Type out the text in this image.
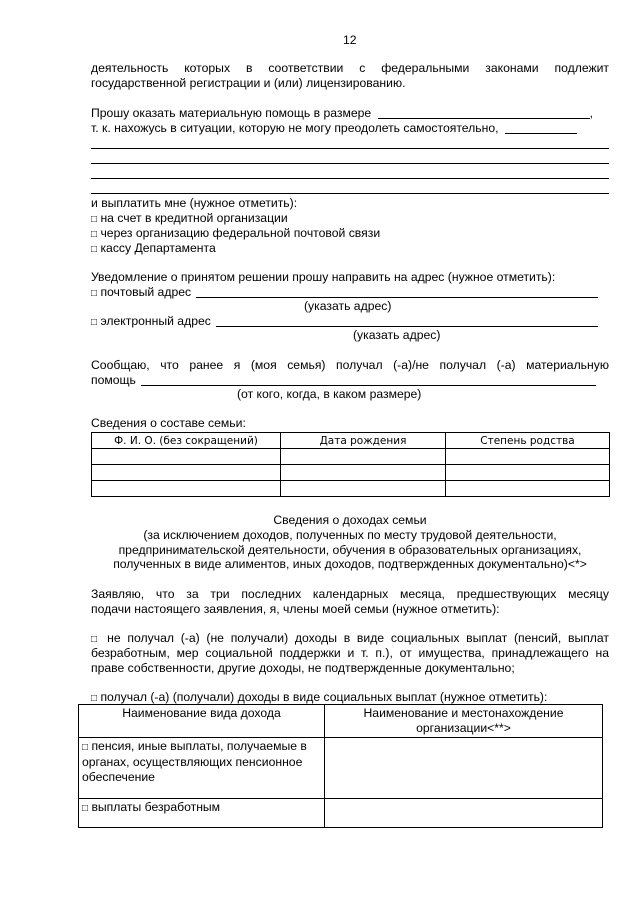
12
деятельность которых в соответствии с федеральными законами подлежит
государственной регистрации и (или) лицензированию.
Прошу оказать материальную помощь в размере	,
т. к. нахожусь в ситуации, которую не могу преодолеть самостоятельно,
и выплатить мне (нужное отметить):
□ на счет в кредитной организации
□ через организацию федеральной почтовой связи
□ кассу Департамента
Уведомление о принятом решении прошу направить на адрес (нужное отметить):
□ почтовый адрес
(указать адрес)
□ электронный адрес
(указать адрес)
Сообщаю, что ранее я (моя семья) получал (-а)/не получал (-а) материальную
помощь
(от кого, когда, в каком размере)
Сведения о составе семьи:
Ф. И. О. (без сокращений)	Дата рождения	Степень родства

Сведения о доходах семьи
(за исключением доходов, полученных по месту трудовой деятельности,
предпринимательской деятельности, обучения в образовательных организациях,
полученных в виде алиментов, иных доходов, подтвержденных документально)<*>
Заявляю, что за три последних календарных месяца, предшествующих месяцу
подачи настоящего заявления, я, члены моей семьи (нужное отметить):
□ не получал (-а) (не получали) доходы в виде социальных выплат (пенсий, выплат
безработным, мер социальной поддержки и т. п.), от имущества, принадлежащего на
праве собственности, другие доходы, не подтвержденные документально;
□ получал (-а) (получали) доходы в виде социальных выплат (нужное отметить):
Наименование вида дохода	Наименование и местонахождение организации<**>
□ пенсия, иные выплаты, получаемые в органах, осуществляющих пенсионное обеспечение	
□ выплаты безработным	
